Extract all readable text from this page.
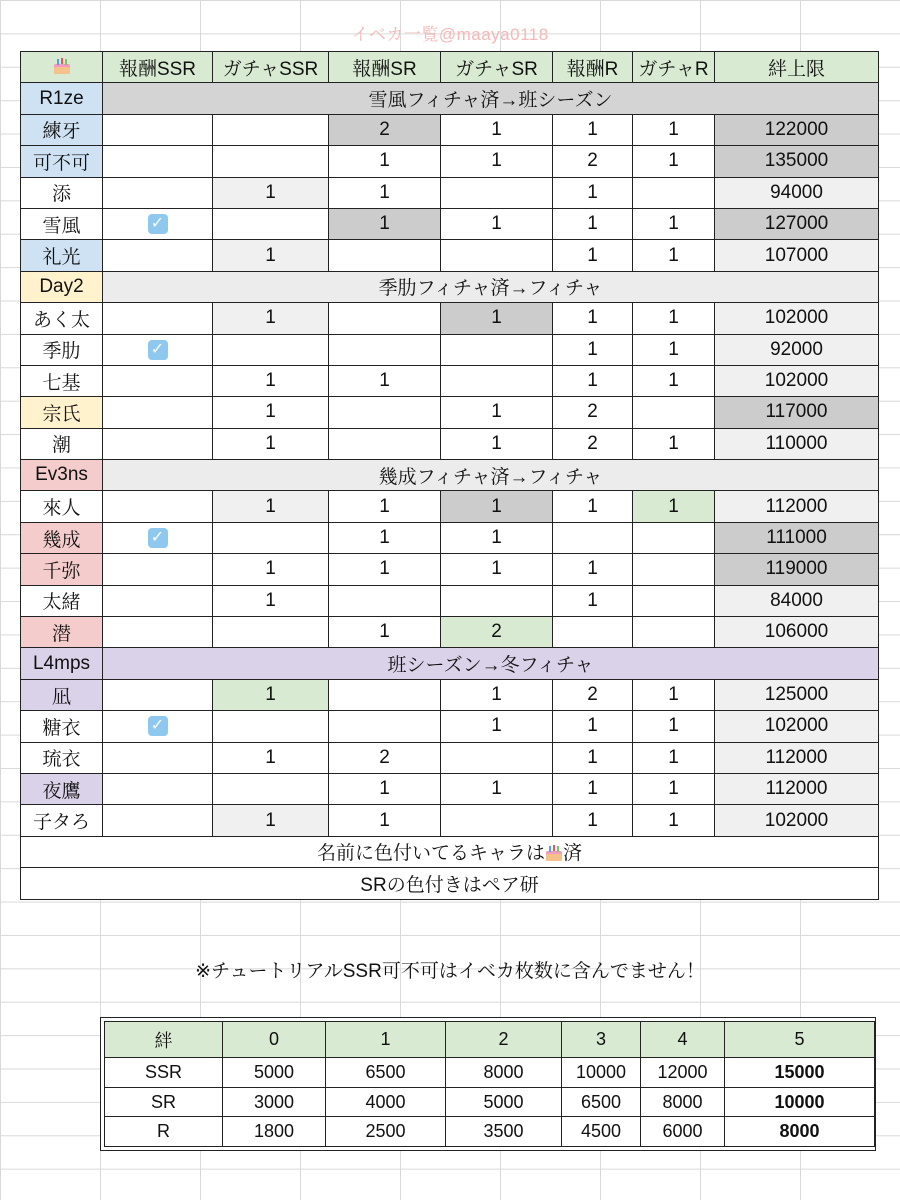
イベカ一覧@maaya0118
	報酬SSR	ガチャSSR	報酬SR	ガチャSR	報酬R	ガチャR	絆上限
R1ze	雪風フィチャ済→班シーズン						
練牙			2	1	1	1	122000
可不可			1	1	2	1	135000
添		1	1		1		94000
雪風	✓		1	1	1	1	127000
礼光		1			1	1	107000
Day2	季肋フィチャ済→フィチャ						
あく太		1		1	1	1	102000
季肋	✓				1	1	92000
七基		1	1		1	1	102000
宗氏		1		1	2		117000
潮		1		1	2	1	110000
Ev3ns	幾成フィチャ済→フィチャ						
來人		1	1	1	1	1	112000
幾成	✓		1	1			111000
千弥		1	1	1	1		119000
太緒		1			1		84000
潜			1	2			106000
L4mps	班シーズン→冬フィチャ						
凪		1		1	2	1	125000
糖衣	✓			1	1	1	102000
琉衣		1	2		1	1	112000
夜鷹			1	1	1	1	112000
子タろ		1	1		1	1	102000
名前に色付いてるキャラは 済							
SRの色付きはペア研							
※チュートリアルSSR可不可はイベカ枚数に含んでません！
絆	0	1	2	3	4	5
SSR	5000	6500	8000	10000	12000	15000
SR	3000	4000	5000	6500	8000	10000
R	1800	2500	3500	4500	6000	8000
